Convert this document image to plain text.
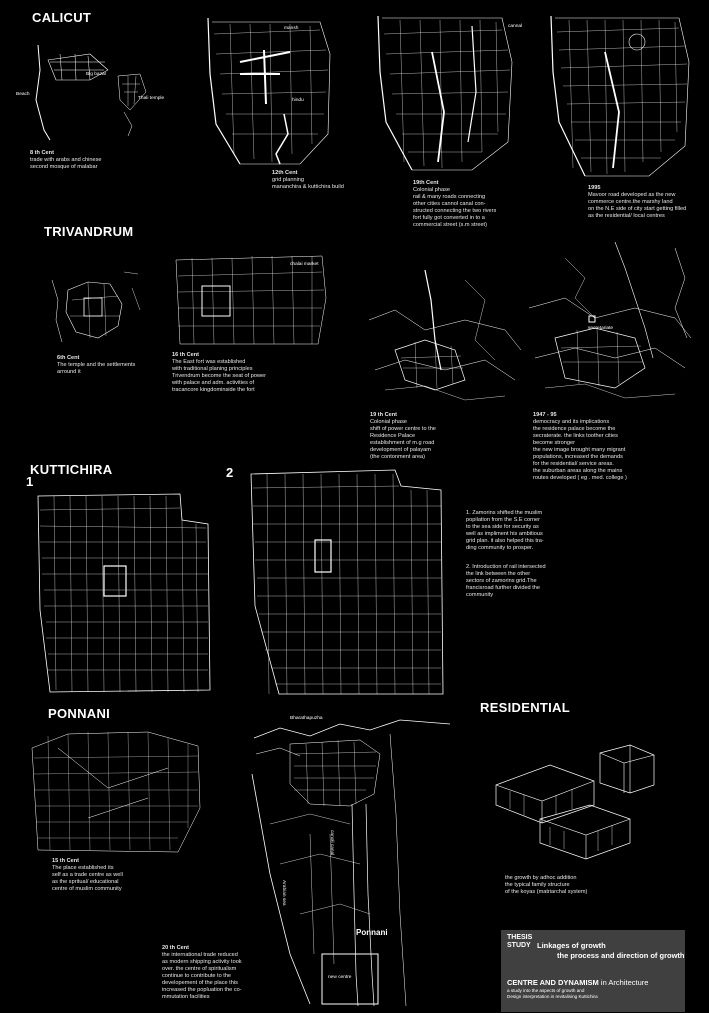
CALICUT
Beach
Big bazar
Thali temple
8 th Cent
trade with arabs and chinese
second mosque of malabar
mansh
hindu
12th Cent
grid planning
mananchira & kuttichira build
cannal
19th Cent
Colonial phase
rail & many roads connecting
other cities cannol canal con-
structed connecting the two rivers
fort fully got converted in to a
commercial street (s.m street)
1995
Mavoor road developed as the new
commerce centre.the marshy land
on the N.E side of city start getting filled
as the residential/ local centres
TRIVANDRUM
6th Cent
The temple and the settlements
arround it
chalai market
16 th Cent
The East fort was established
with traditional planing principles
Trivendrum become the seat of power
with palace and adm. activities of
tracancore kingdominside the fort
19 th Cent
Colonial phase
shift of power centre to the
Residence Palace
establishment of m.g road
development of palayam
(the contonment area)
secretariate
1947 - 95
democracy and its implications
the residence palace become the
secraterate. the links toother cities
become stronger
the new image brought many migrant
populations, increased the demands
for the residential/ service areas.
the suburban areas along the mains
routes developed ( eg . med. college )
KUTTICHIRA
1
2
1. Zamorins shifted the muslim
popilation from the S.E corner
to the sea side for security as
well as impliment his ambitious
grid plan. it also helped this tra-
ding community to prosper.
2. Introduction of rail intersected
the link between the other
sectors of zamorins grid.The
francisroad further divided the
community
PONNANI
15 th Cent
The place established its
self as a trade centre as well
as the spritual/ educational
centre of muslim community
Bharathapuzha
canoli canal
Arabian sea
Ponnani
new centre
20 th Cent
the international trade reduced
as modern shipping activity took
over. the centre of spiritualism
continue to contribute to the
developement of the place this
increased the popluation the co-
mmutation facilities
RESIDENTIAL
the growth by adhoc addition
the typical family structure
of the koyas (matriarchal system)
THESIS
STUDY Linkages of growth
the process and direction of growth
CENTRE AND DYNAMISM in Architecture
a study into the aspects of growth and
Design interpretation in revitalising Kuttichira
